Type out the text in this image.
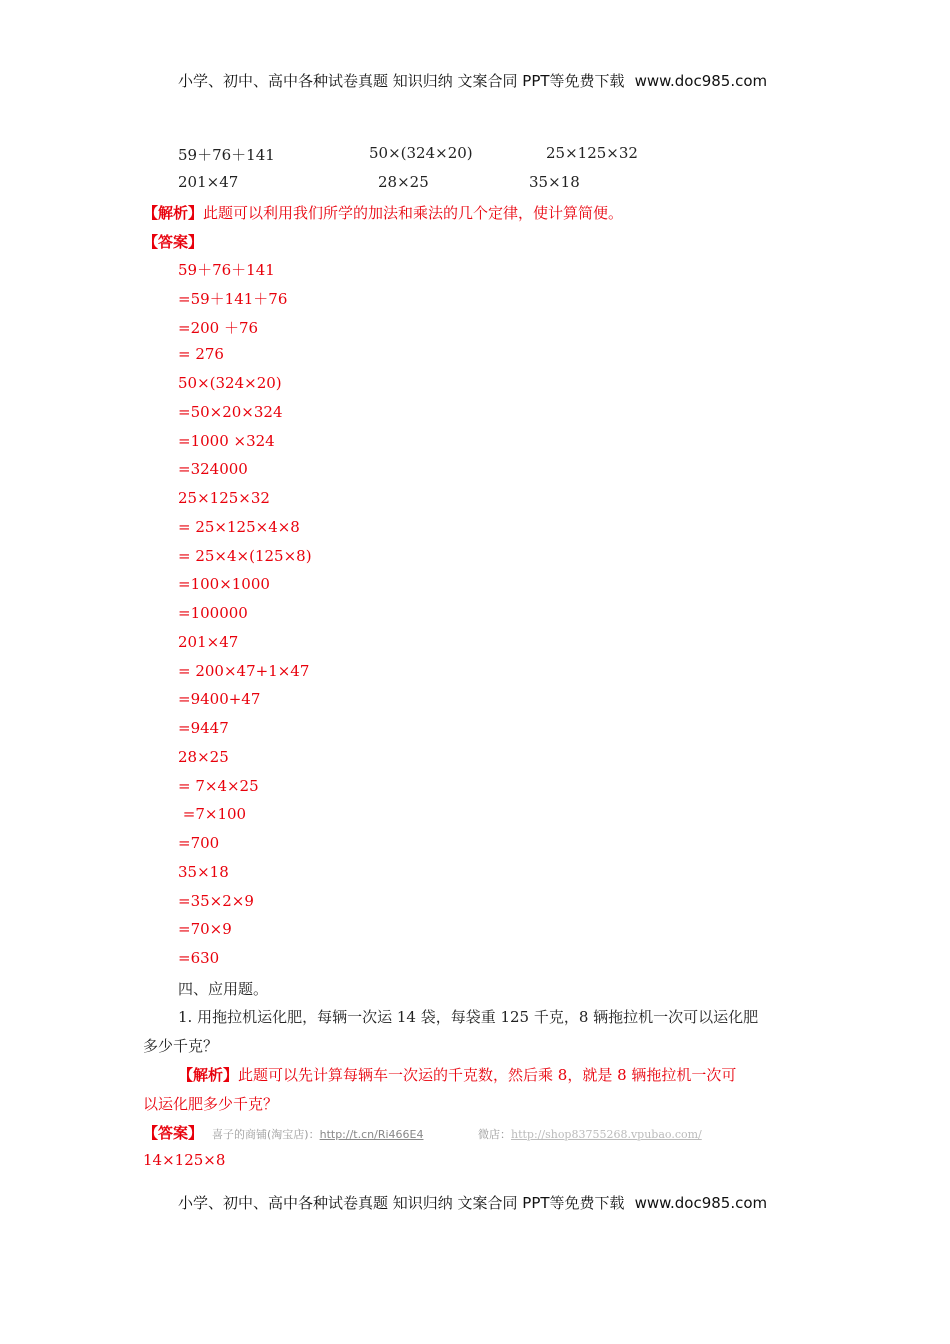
小学、初中、高中各种试卷真题 知识归纳 文案合同 PPT等免费下载 www.doc985.com
59＋76＋141	50×(324×20)	25×125×32
201×47	28×25	35×18
【解析】此题可以利用我们所学的加法和乘法的几个定律，使计算简便。
【答案】
59＋76＋141
=59＋141＋76
=200 ＋76
= 276
50×(324×20)
=50×20×324
=1000 ×324
=324000
25×125×32
= 25×125×4×8
= 25×4×(125×8)
=100×1000
=100000
201×47
= 200×47+1×47
=9400+47
=9447
28×25
= 7×4×25
=7×100
=700
35×18
=35×2×9
=70×9
=630
四、应用题。
1. 用拖拉机运化肥，每辆一次运 14 袋，每袋重 125 千克，8 辆拖拉机一次可以运化肥
多少千克？
【解析】此题可以先计算每辆车一次运的千克数，然后乘 8，就是 8 辆拖拉机一次可
以运化肥多少千克？
【答案】 喜子的商铺(淘宝店)：http://t.cn/Ri466E4	微店：http://shop83755268.vpubao.com/
14×125×8
小学、初中、高中各种试卷真题 知识归纳 文案合同 PPT等免费下载 www.doc985.com
